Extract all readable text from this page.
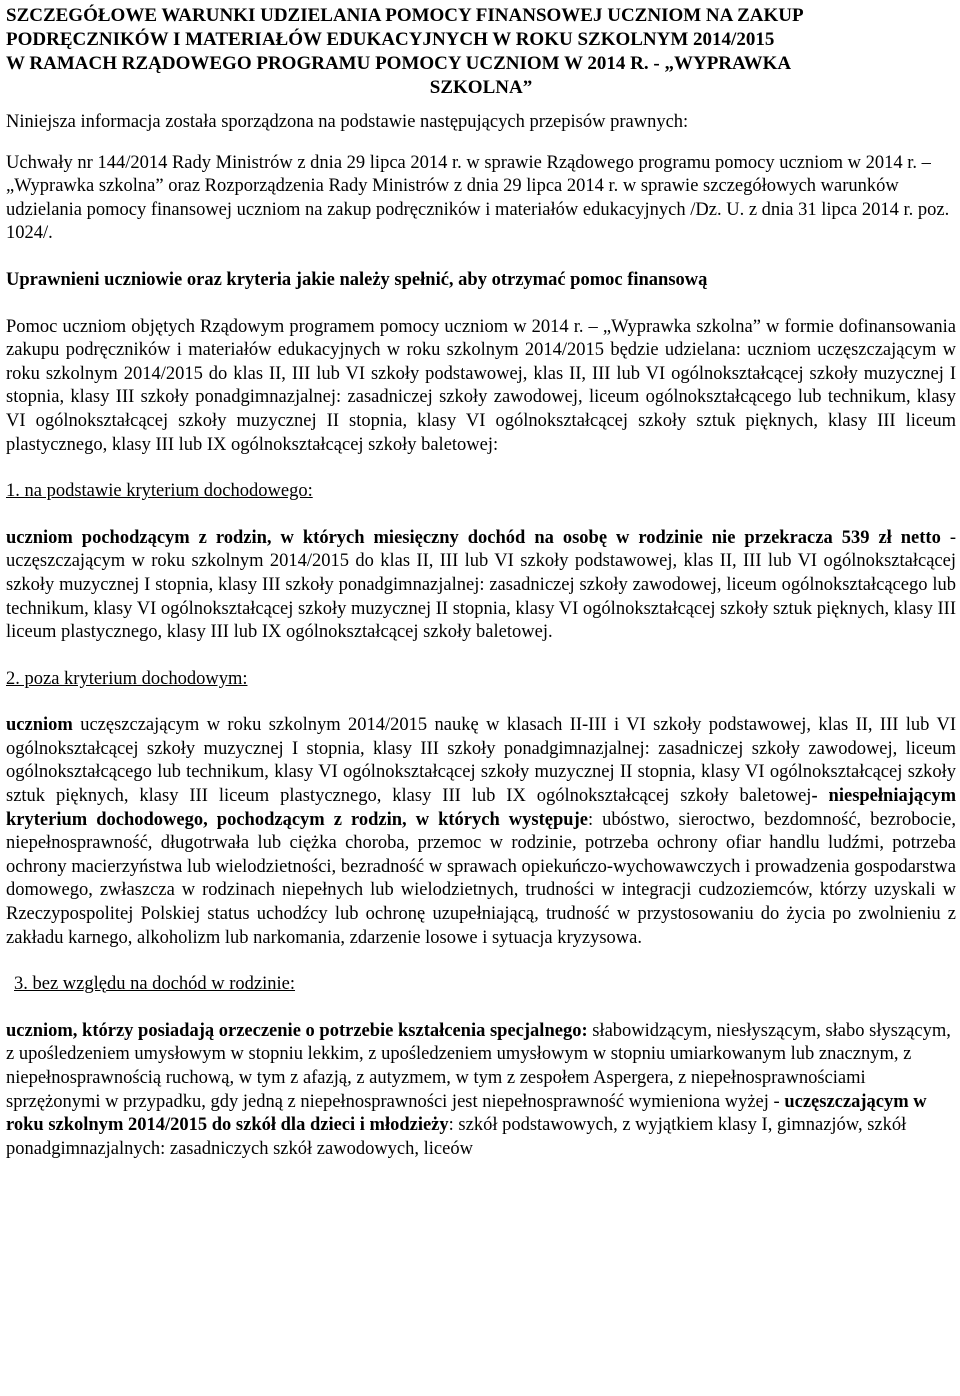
SZCZEGÓŁOWE WARUNKI UDZIELANIA POMOCY FINANSOWEJ UCZNIOM NA ZAKUP
PODRĘCZNIKÓW I MATERIAŁÓW EDUKACYJNYCH W ROKU SZKOLNYM 2014/2015
W RAMACH RZĄDOWEGO PROGRAMU POMOCY UCZNIOM W 2014 R. - „WYPRAWKA
SZKOLNA”

Niniejsza informacja została sporządzona na podstawie następujących przepisów prawnych:

Uchwały nr 144/2014 Rady Ministrów z dnia 29 lipca 2014 r. w sprawie Rządowego programu pomocy uczniom w 2014 r. – „Wyprawka szkolna” oraz Rozporządzenia Rady Ministrów z dnia 29 lipca 2014 r. w sprawie szczegółowych warunków udzielania pomocy finansowej uczniom na zakup podręczników i materiałów edukacyjnych /Dz. U. z dnia 31 lipca 2014 r. poz. 1024/.

Uprawnieni uczniowie oraz kryteria jakie należy spełnić, aby otrzymać pomoc finansową

Pomoc uczniom objętych Rządowym programem pomocy uczniom w 2014 r. – „Wyprawka szkolna” w formie dofinansowania zakupu podręczników i materiałów edukacyjnych w roku szkolnym 2014/2015 będzie udzielana: uczniom uczęszczającym w roku szkolnym 2014/2015 do klas II, III lub VI szkoły podstawowej, klas II, III lub VI ogólnokształcącej szkoły muzycznej I stopnia, klasy III szkoły ponadgimnazjalnej: zasadniczej szkoły zawodowej, liceum ogólnokształcącego lub technikum, klasy VI ogólnokształcącej szkoły muzycznej II stopnia, klasy VI ogólnokształcącej szkoły sztuk pięknych, klasy III liceum plastycznego, klasy III lub IX ogólnokształcącej szkoły baletowej:

1. na podstawie kryterium dochodowego:

uczniom pochodzącym z rodzin, w których miesięczny dochód na osobę w rodzinie nie przekracza 539 zł netto - uczęszczającym w roku szkolnym 2014/2015 do klas II, III lub VI szkoły podstawowej, klas II, III lub VI ogólnokształcącej szkoły muzycznej I stopnia, klasy III szkoły ponadgimnazjalnej: zasadniczej szkoły zawodowej, liceum ogólnokształcącego lub technikum, klasy VI ogólnokształcącej szkoły muzycznej II stopnia, klasy VI ogólnokształcącej szkoły sztuk pięknych, klasy III liceum plastycznego, klasy III lub IX ogólnokształcącej szkoły baletowej.

2. poza kryterium dochodowym:

uczniom uczęszczającym w roku szkolnym 2014/2015 naukę w klasach II-III i VI szkoły podstawowej, klas II, III lub VI ogólnokształcącej szkoły muzycznej I stopnia, klasy III szkoły ponadgimnazjalnej: zasadniczej szkoły zawodowej, liceum ogólnokształcącego lub technikum, klasy VI ogólnokształcącej szkoły muzycznej II stopnia, klasy VI ogólnokształcącej szkoły sztuk pięknych, klasy III liceum plastycznego, klasy III lub IX ogólnokształcącej szkoły baletowej- niespełniającym kryterium dochodowego, pochodzącym z rodzin, w których występuje: ubóstwo, sieroctwo, bezdomność, bezrobocie, niepełnosprawność, długotrwała lub ciężka choroba, przemoc w rodzinie, potrzeba ochrony ofiar handlu ludźmi, potrzeba ochrony macierzyństwa lub wielodzietności, bezradność w sprawach opiekuńczo-wychowawczych i prowadzenia gospodarstwa domowego, zwłaszcza w rodzinach niepełnych lub wielodzietnych, trudności w integracji cudzoziemców, którzy uzyskali w Rzeczypospolitej Polskiej status uchodźcy lub ochronę uzupełniającą, trudność w przystosowaniu do życia po zwolnieniu z zakładu karnego, alkoholizm lub narkomania, zdarzenie losowe i sytuacja kryzysowa.

3. bez względu na dochód w rodzinie:

uczniom, którzy posiadają orzeczenie o potrzebie kształcenia specjalnego: słabowidzącym, niesłyszącym, słabo słyszącym, z upośledzeniem umysłowym w stopniu lekkim, z upośledzeniem umysłowym w stopniu umiarkowanym lub znacznym, z niepełnosprawnością ruchową, w tym z afazją, z autyzmem, w tym z zespołem Aspergera, z niepełnosprawnościami sprzężonymi w przypadku, gdy jedną z niepełnosprawności jest niepełnosprawność wymieniona wyżej - uczęszczającym w roku szkolnym 2014/2015 do szkół dla dzieci i młodzieży: szkół podstawowych, z wyjątkiem klasy I, gimnazjów, szkół ponadgimnazjalnych: zasadniczych szkół zawodowych, liceów
